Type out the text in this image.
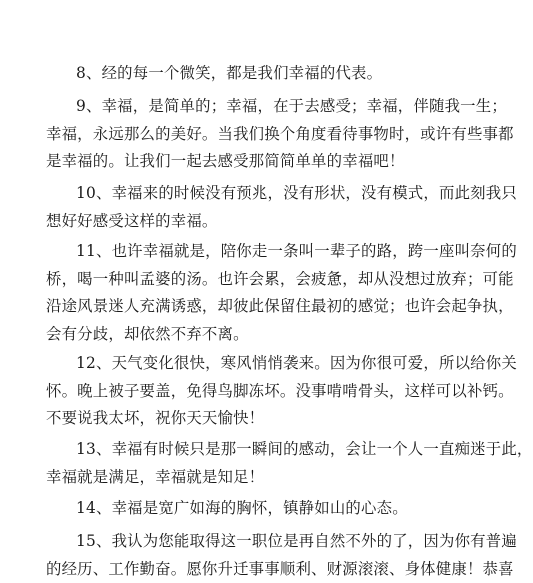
8、经的每一个微笑，都是我们幸福的代表。

9、幸福，是简单的；幸福，在于去感受；幸福，伴随我一生；
幸福，永远那么的美好。当我们换个角度看待事物时，或许有些事都
是幸福的。让我们一起去感受那简简单单的幸福吧！

10、幸福来的时候没有预兆，没有形状，没有模式，而此刻我只
想好好感受这样的幸福。

11、也许幸福就是，陪你走一条叫一辈子的路，跨一座叫奈何的
桥，喝一种叫孟婆的汤。也许会累，会疲惫，却从没想过放弃；可能
沿途风景迷人充满诱惑，却彼此保留住最初的感觉；也许会起争执，
会有分歧，却依然不弃不离。

12、天气变化很快，寒风悄悄袭来。因为你很可爱，所以给你关
怀。晚上被子要盖，免得鸟脚冻坏。没事啃啃骨头，这样可以补钙。
不要说我太坏，祝你天天愉快！

13、幸福有时候只是那一瞬间的感动，会让一个人一直痴迷于此，
幸福就是满足，幸福就是知足！

14、幸福是宽广如海的胸怀，镇静如山的心态。

15、我认为您能取得这一职位是再自然不外的了，因为你有普遍
的经历、工作勤奋。愿你升迁事事顺利、财源滚滚、身体健康！恭喜
